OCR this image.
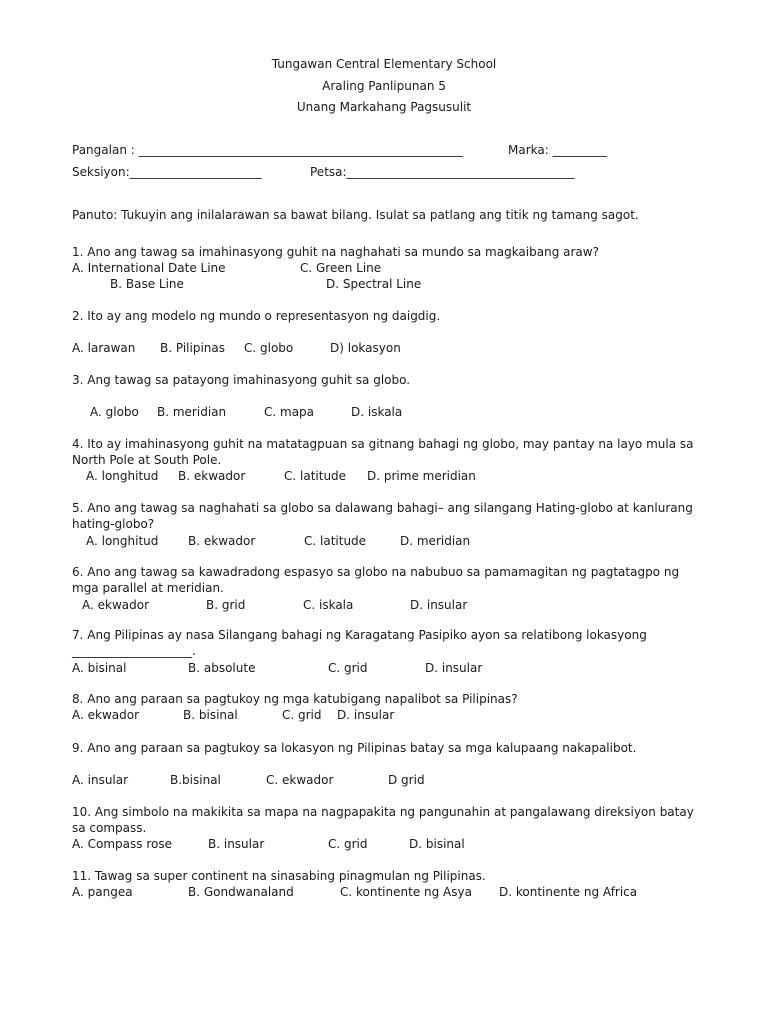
Tungawan Central Elementary School
Araling Panlipunan 5
Unang Markahang Pagsusulit
Pangalan : ______________________________________________________	Marka: _________
Seksiyon:______________________	Petsa:______________________________________
Panuto: Tukuyin ang inilalarawan sa bawat bilang. Isulat sa patlang ang titik ng tamang sagot.
1. Ano ang tawag sa imahinasyong guhit na naghahati sa mundo sa magkaibang araw?
A. International Date Line	C. Green Line
B. Base Line	D. Spectral Line
2. Ito ay ang modelo ng mundo o representasyon ng daigdig.
A. larawan B. Pilipinas C. globo	D) lokasyon
3. Ang tawag sa patayong imahinasyong guhit sa globo.
A. globo B. meridian	C. mapa	D. iskala
4. Ito ay imahinasyong guhit na matatagpuan sa gitnang bahagi ng globo, may pantay na layo mula sa North Pole at South Pole.
A. longhitud B. ekwador	C. latitude D. prime meridian
5. Ano ang tawag sa naghahati sa globo sa dalawang bahagi– ang silangang Hating-globo at kanlurang hating-globo?
A. longhitud B. ekwador	C. latitude	D. meridian
6. Ano ang tawag sa kawadradong espasyo sa globo na nabubuo sa pamamagitan ng pagtatagpo ng mga parallel at meridian.
A. ekwador	B. grid	C. iskala	D. insular
7. Ang Pilipinas ay nasa Silangang bahagi ng Karagatang Pasipiko ayon sa relatibong lokasyong ____________________.
A. bisinal	B. absolute	C. grid	D. insular
8. Ano ang paraan sa pagtukoy ng mga katubigang napalibot sa Pilipinas?
A. ekwador	B. bisinal	C. grid D. insular
9. Ano ang paraan sa pagtukoy sa lokasyon ng Pilipinas batay sa mga kalupaang nakapalibot.
A. insular	B.bisinal	C. ekwador	D grid
10. Ang simbolo na makikita sa mapa na nagpapakita ng pangunahin at pangalawang direksiyon batay sa compass.
A. Compass rose	B. insular	C. grid	D. bisinal
11. Tawag sa super continent na sinasabing pinagmulan ng Pilipinas.
A. pangea	B. Gondwanaland	C. kontinente ng Asya D. kontinente ng Africa
